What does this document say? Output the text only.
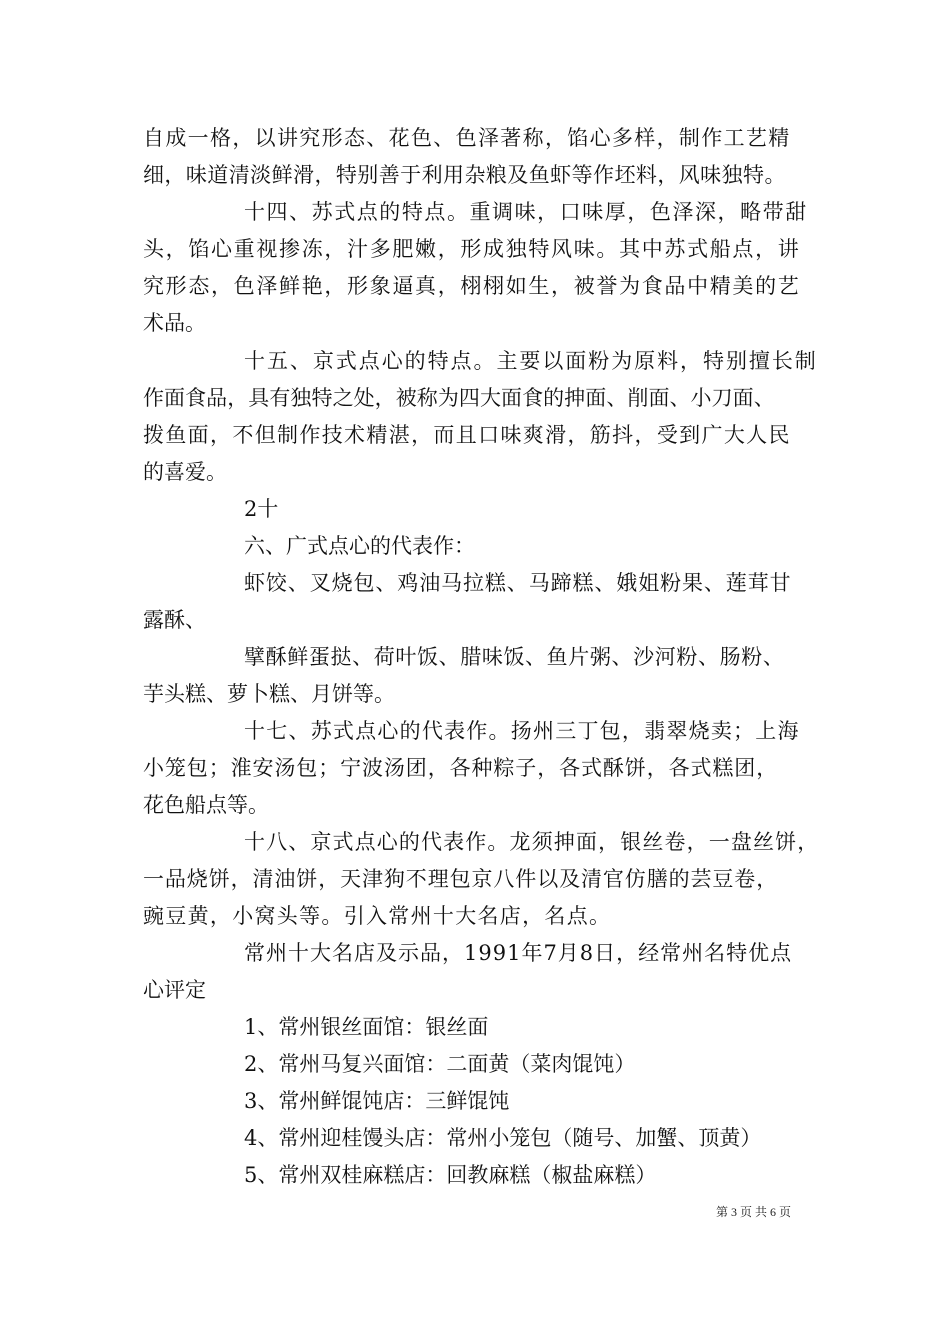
自成一格，以讲究形态、花色、色泽著称，馅心多样，制作工艺精

细，味道清淡鲜滑，特别善于利用杂粮及鱼虾等作坯料，风味独特。

十四、苏式点的特点。重调味，口味厚，色泽深，略带甜

头，馅心重视掺冻，汁多肥嫩，形成独特风味。其中苏式船点，讲

究形态，色泽鲜艳，形象逼真，栩栩如生，被誉为食品中精美的艺

术品。

十五、京式点心的特点。主要以面粉为原料，特别擅长制

作面食品，具有独特之处，被称为四大面食的抻面、削面、小刀面、

拨鱼面，不但制作技术精湛，而且口味爽滑，筋抖，受到广大人民

的喜爱。

2十

六、广式点心的代表作：

虾饺、叉烧包、鸡油马拉糕、马蹄糕、娥姐粉果、莲茸甘

露酥、

擘酥鲜蛋挞、荷叶饭、腊味饭、鱼片粥、沙河粉、肠粉、

芋头糕、萝卜糕、月饼等。

十七、苏式点心的代表作。扬州三丁包，翡翠烧卖；上海

小笼包；淮安汤包；宁波汤团，各种粽子，各式酥饼，各式糕团，

花色船点等。

十八、京式点心的代表作。龙须抻面，银丝卷，一盘丝饼，

一品烧饼，清油饼，天津狗不理包京八件以及清官仿膳的芸豆卷，

豌豆黄，小窝头等。引入常州十大名店，名点。

常州十大名店及示品，1991年7月8日，经常州名特优点

心评定

1、常州银丝面馆：银丝面

2、常州马复兴面馆：二面黄（菜肉馄饨）

3、常州鲜馄饨店：三鲜馄饨

4、常州迎桂馒头店：常州小笼包（随号、加蟹、顶黄）

5、常州双桂麻糕店：回教麻糕（椒盐麻糕）

第 3 页 共 6 页
